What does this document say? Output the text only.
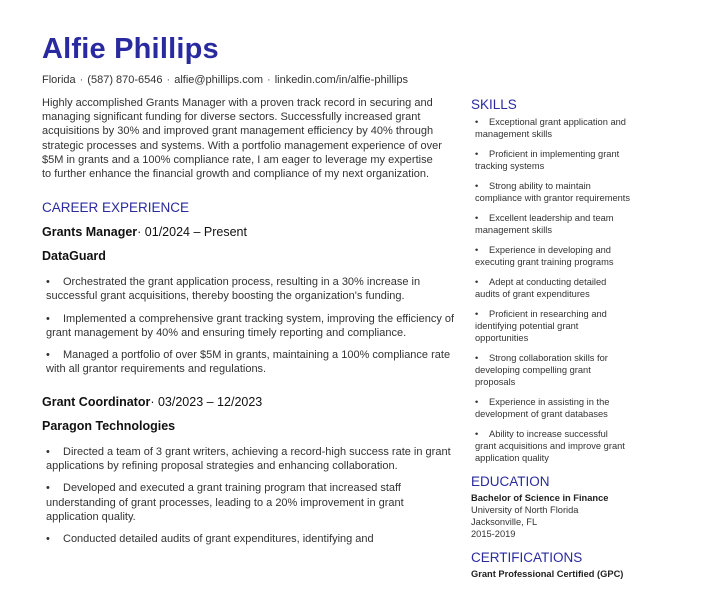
Alfie Phillips
Florida · (587) 870-6546 · alfie@phillips.com · linkedin.com/in/alfie-phillips
Highly accomplished Grants Manager with a proven track record in securing and managing significant funding for diverse sectors. Successfully increased grant acquisitions by 30% and improved grant management efficiency by 40% through strategic processes and systems. With a portfolio management experience of over $5M in grants and a 100% compliance rate, I am eager to leverage my expertise to further enhance the financial growth and compliance of my next organization.
CAREER EXPERIENCE
Grants Manager· 01/2024 – Present
DataGuard
• Orchestrated the grant application process, resulting in a 30% increase in successful grant acquisitions, thereby boosting the organization's funding.
• Implemented a comprehensive grant tracking system, improving the efficiency of grant management by 40% and ensuring timely reporting and compliance.
• Managed a portfolio of over $5M in grants, maintaining a 100% compliance rate with all grantor requirements and regulations.
Grant Coordinator· 03/2023 – 12/2023
Paragon Technologies
• Directed a team of 3 grant writers, achieving a record-high success rate in grant applications by refining proposal strategies and enhancing collaboration.
• Developed and executed a grant training program that increased staff understanding of grant processes, leading to a 20% improvement in grant application quality.
• Conducted detailed audits of grant expenditures, identifying and
SKILLS
• Exceptional grant application and management skills
• Proficient in implementing grant tracking systems
• Strong ability to maintain compliance with grantor requirements
• Excellent leadership and team management skills
• Experience in developing and executing grant training programs
• Adept at conducting detailed audits of grant expenditures
• Proficient in researching and identifying potential grant opportunities
• Strong collaboration skills for developing compelling grant proposals
• Experience in assisting in the development of grant databases
• Ability to increase successful grant acquisitions and improve grant application quality
EDUCATION
Bachelor of Science in Finance
University of North Florida
Jacksonville, FL
2015-2019
CERTIFICATIONS
Grant Professional Certified (GPC)
